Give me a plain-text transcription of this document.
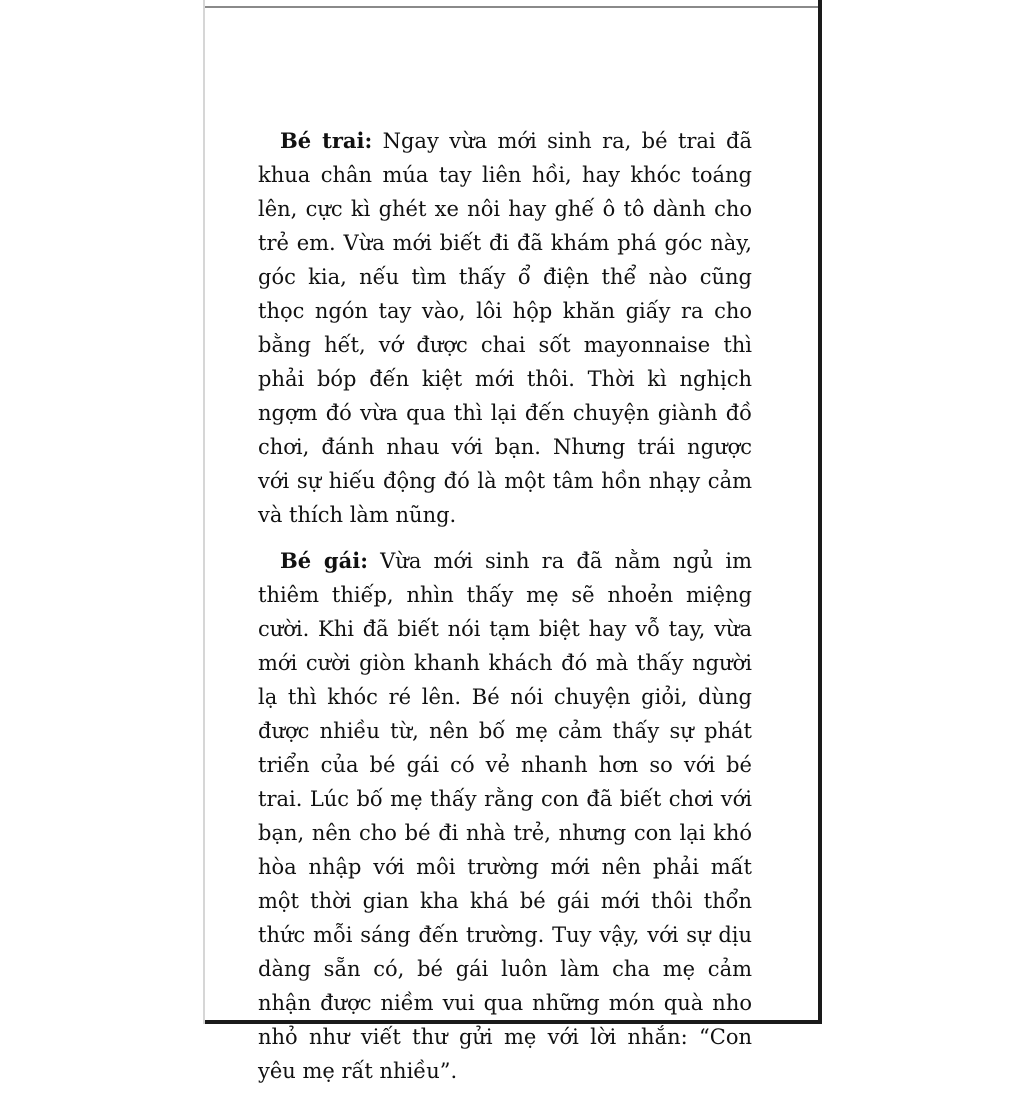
Bé trai: Ngay vừa mới sinh ra, bé trai đã khua chân múa tay liên hồi, hay khóc toáng lên, cực kì ghét xe nôi hay ghế ô tô dành cho trẻ em. Vừa mới biết đi đã khám phá góc này, góc kia, nếu tìm thấy ổ điện thể nào cũng thọc ngón tay vào, lôi hộp khăn giấy ra cho bằng hết, vớ được chai sốt mayonnaise thì phải bóp đến kiệt mới thôi. Thời kì nghịch ngợm đó vừa qua thì lại đến chuyện giành đồ chơi, đánh nhau với bạn. Nhưng trái ngược với sự hiếu động đó là một tâm hồn nhạy cảm và thích làm nũng.

Bé gái: Vừa mới sinh ra đã nằm ngủ im thiêm thiếp, nhìn thấy mẹ sẽ nhoẻn miệng cười. Khi đã biết nói tạm biệt hay vỗ tay, vừa mới cười giòn khanh khách đó mà thấy người lạ thì khóc ré lên. Bé nói chuyện giỏi, dùng được nhiều từ, nên bố mẹ cảm thấy sự phát triển của bé gái có vẻ nhanh hơn so với bé trai. Lúc bố mẹ thấy rằng con đã biết chơi với bạn, nên cho bé đi nhà trẻ, nhưng con lại khó hòa nhập với môi trường mới nên phải mất một thời gian kha khá bé gái mới thôi thổn thức mỗi sáng đến trường. Tuy vậy, với sự dịu dàng sẵn có, bé gái luôn làm cha mẹ cảm nhận được niềm vui qua những món quà nho nhỏ như viết thư gửi mẹ với lời nhắn: “Con yêu mẹ rất nhiều”.
